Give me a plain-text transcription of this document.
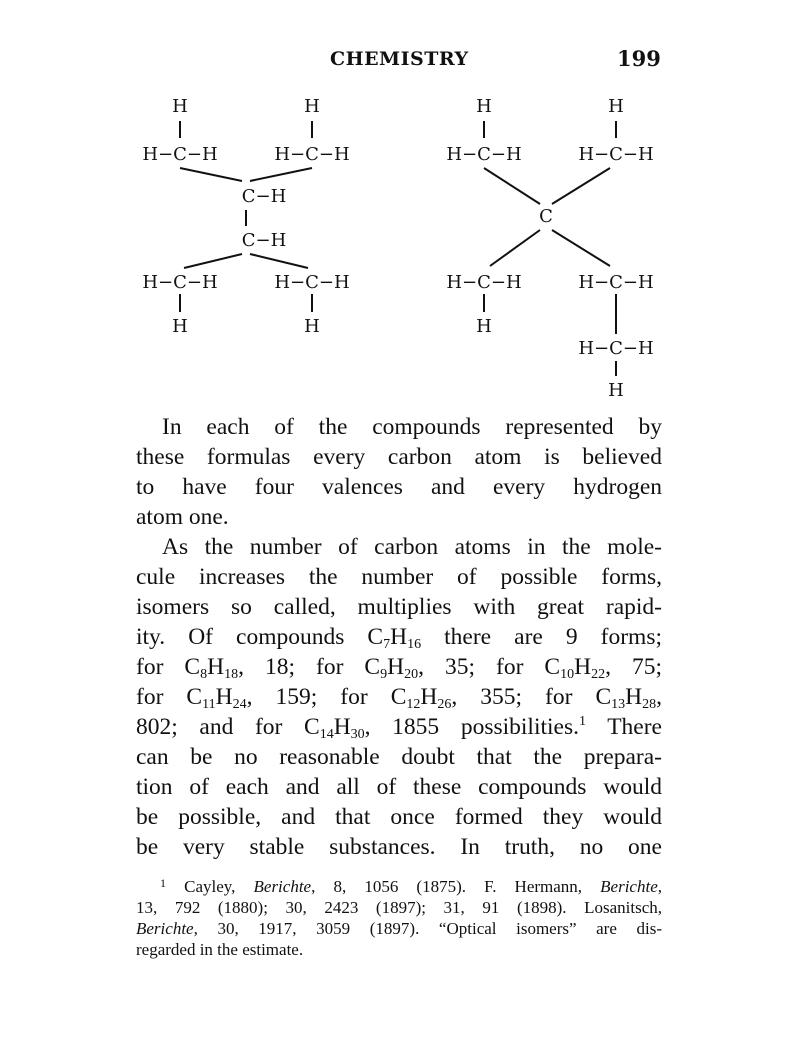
CHEMISTRY	199
H
H−C−H
H
H−C−H
C−H
C−H
H−C−H
H
H−C−H
H
H
H−C−H
H
H−C−H
C
H−C−H
H
H−C−H
H−C−H
H

In each of the compounds represented by
these formulas every carbon atom is believed
to have four valences and every hydrogen
atom one.

As the number of carbon atoms in the mole-
cule increases the number of possible forms,
isomers so called, multiplies with great rapid-
ity. Of compounds $C_7H_{16}$ there are 9 forms;
for $C_8H_{18}$, 18; for $C_9H_{20}$, 35; for $C_{10}H_{22}$, 75;
for $C_{11}H_{24}$, 159; for $C_{12}H_{26}$, 355; for $C_{13}H_{28}$,
802; and for $C_{14}H_{30}$, 1855 possibilities.$^1$ There
can be no reasonable doubt that the prepara-
tion of each and all of these compounds would
be possible, and that once formed they would
be very stable substances. In truth, no one

$^1$ Cayley, Berichte, 8, 1056 (1875). F. Hermann, Berichte,
13, 792 (1880); 30, 2423 (1897); 31, 91 (1898). Losanitsch,
Berichte, 30, 1917, 3059 (1897). “Optical isomers” are dis-
regarded in the estimate.
